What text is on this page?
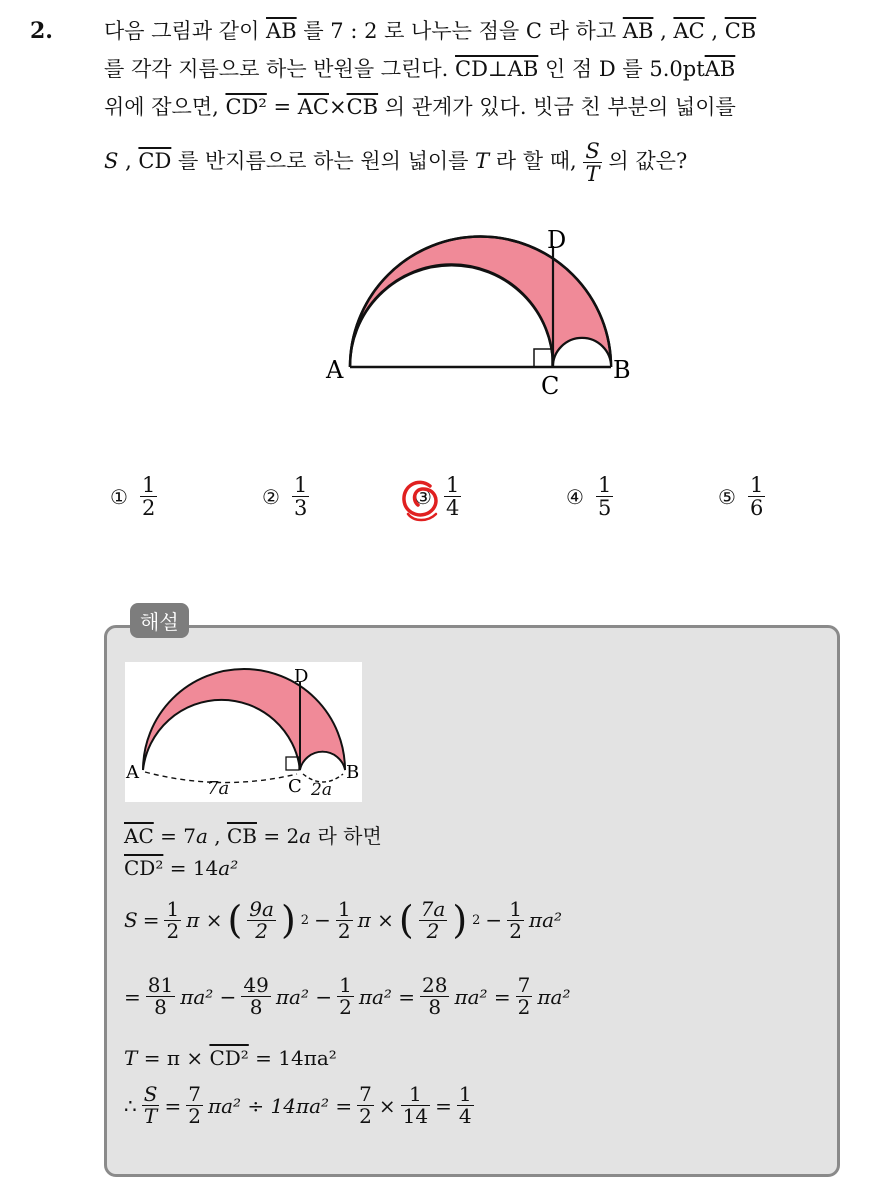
2. 다음 그림과 같이 $\overline{AB}$ 를 7 : 2 로 나누는 점을 C 라 하고 $\overline{AB}$ , $\overline{AC}$ , $\overline{CB}$
를 각각 지름으로 하는 반원을 그린다. CD⊥AB 인 점 D 를 $5.0pt\overline{AB}$
위에 잡으면, $CD^2 = \overline{AC}\times\overline{CB}$ 의 관계가 있다. 빗금 친 부분의 넓이를
S , $\overline{CD}$ 를 반지름으로 하는 원의 넓이를 T 라 할 때, $\frac{S}{T}$ 의 값은?
A	B
C
D
① $\frac{1}{2}$	② $\frac{1}{3}$	③ $\frac{1}{4}$	④ $\frac{1}{5}$	⑤ $\frac{1}{6}$
해설
A	B
C
D
7a	2a
$\overline{AC} = 7a$ , $\overline{CB} = 2a$ 라 하면
CD² = 14a²
$S = \frac{1}{2}$ π × ( $\frac{9a}{2}$ ) $2 - \frac{1}{2}$ π × ( $\frac{7a}{2}$ ) $2 - \frac{1}{2} \pi a^2$
= $\frac{81}{8} \pi a^2 - \frac{49}{8} \pi a^2 - \frac{1}{2} \pi a^2 = \frac{28}{8} \pi a^2 = \frac{7}{2} \pi a^2$
T = π × CD² = 14πa²
∴ $\frac{S}{T} = \frac{7}{2} \pi a^2 \div 14\pi a^2 = \frac{7}{2} \times \frac{1}{14} = \frac{1}{4}$
